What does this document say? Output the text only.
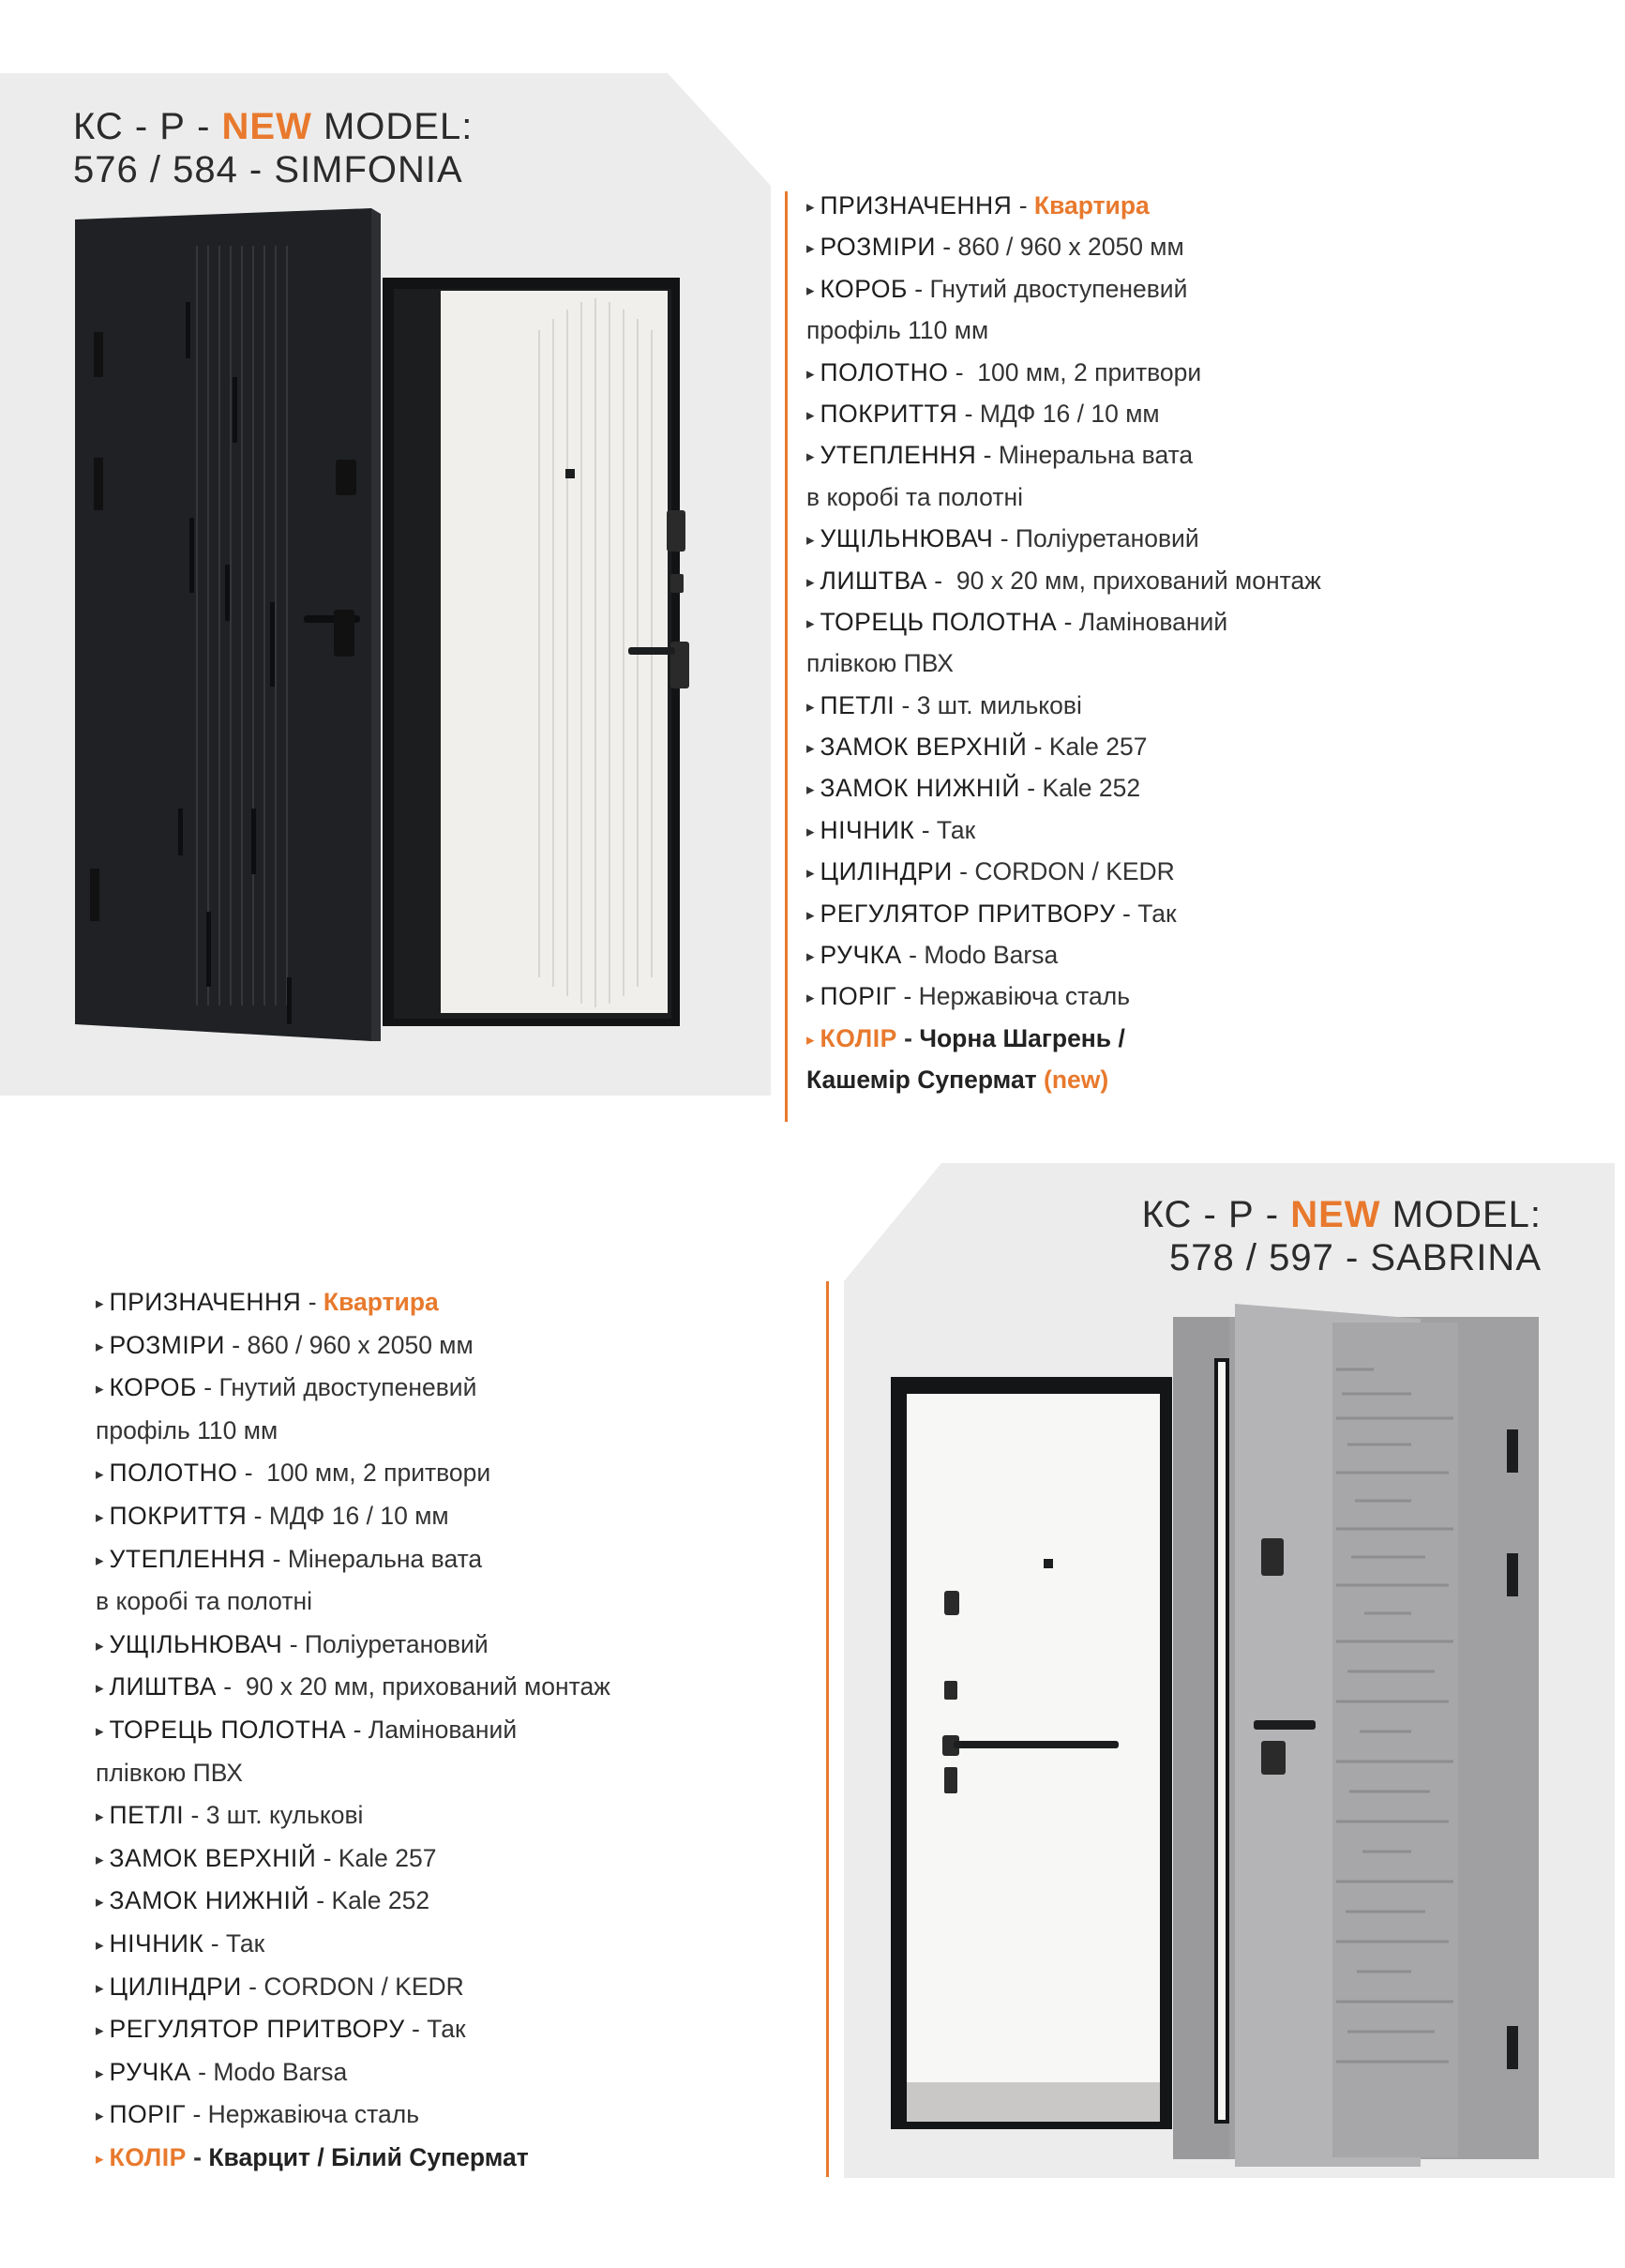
КС - Р - NEW MODEL:
576 / 584 - SIMFONIA
▸ ПРИЗНАЧЕННЯ - Квартира
▸ РОЗМІРИ - 860 / 960 х 2050 мм
▸ КОРОБ - Гнутий двоступеневий
профіль 110 мм
▸ ПОЛОТНО -  100 мм, 2 притвори
▸ ПОКРИТТЯ - МДФ 16 / 10 мм
▸ УТЕПЛЕННЯ - Мінеральна вата
в коробі та полотні
▸ УЩІЛЬНЮВАЧ - Поліуретановий
▸ ЛИШТВА -  90 х 20 мм, прихований монтаж
▸ ТОРЕЦЬ ПОЛОТНА - Ламінований
плівкою ПВХ
▸ ПЕТЛІ - 3 шт. милькові
▸ ЗАМОК ВЕРХНІЙ - Kale 257
▸ ЗАМОК НИЖНІЙ - Kale 252
▸ НІЧНИК - Так
▸ ЦИЛІНДРИ - CORDON / KEDR
▸ РЕГУЛЯТОР ПРИТВОРУ - Так
▸ РУЧКА - Modo Barsa
▸ ПОРІГ - Нержавіюча сталь
▸ КОЛІР - Чорна Шагрень /
Кашемір Супермат (new)
КС - Р - NEW MODEL:
578 / 597 - SABRINA
▸ ПРИЗНАЧЕННЯ - Квартира
▸ РОЗМІРИ - 860 / 960 х 2050 мм
▸ КОРОБ - Гнутий двоступеневий
профіль 110 мм
▸ ПОЛОТНО -  100 мм, 2 притвори
▸ ПОКРИТТЯ - МДФ 16 / 10 мм
▸ УТЕПЛЕННЯ - Мінеральна вата
в коробі та полотні
▸ УЩІЛЬНЮВАЧ - Поліуретановий
▸ ЛИШТВА -  90 х 20 мм, прихований монтаж
▸ ТОРЕЦЬ ПОЛОТНА - Ламінований
плівкою ПВХ
▸ ПЕТЛІ - 3 шт. кулькові
▸ ЗАМОК ВЕРХНІЙ - Kale 257
▸ ЗАМОК НИЖНІЙ - Kale 252
▸ НІЧНИК - Так
▸ ЦИЛІНДРИ - CORDON / KEDR
▸ РЕГУЛЯТОР ПРИТВОРУ - Так
▸ РУЧКА - Modo Barsa
▸ ПОРІГ - Нержавіюча сталь
▸ КОЛІР - Кварцит / Білий Супермат
